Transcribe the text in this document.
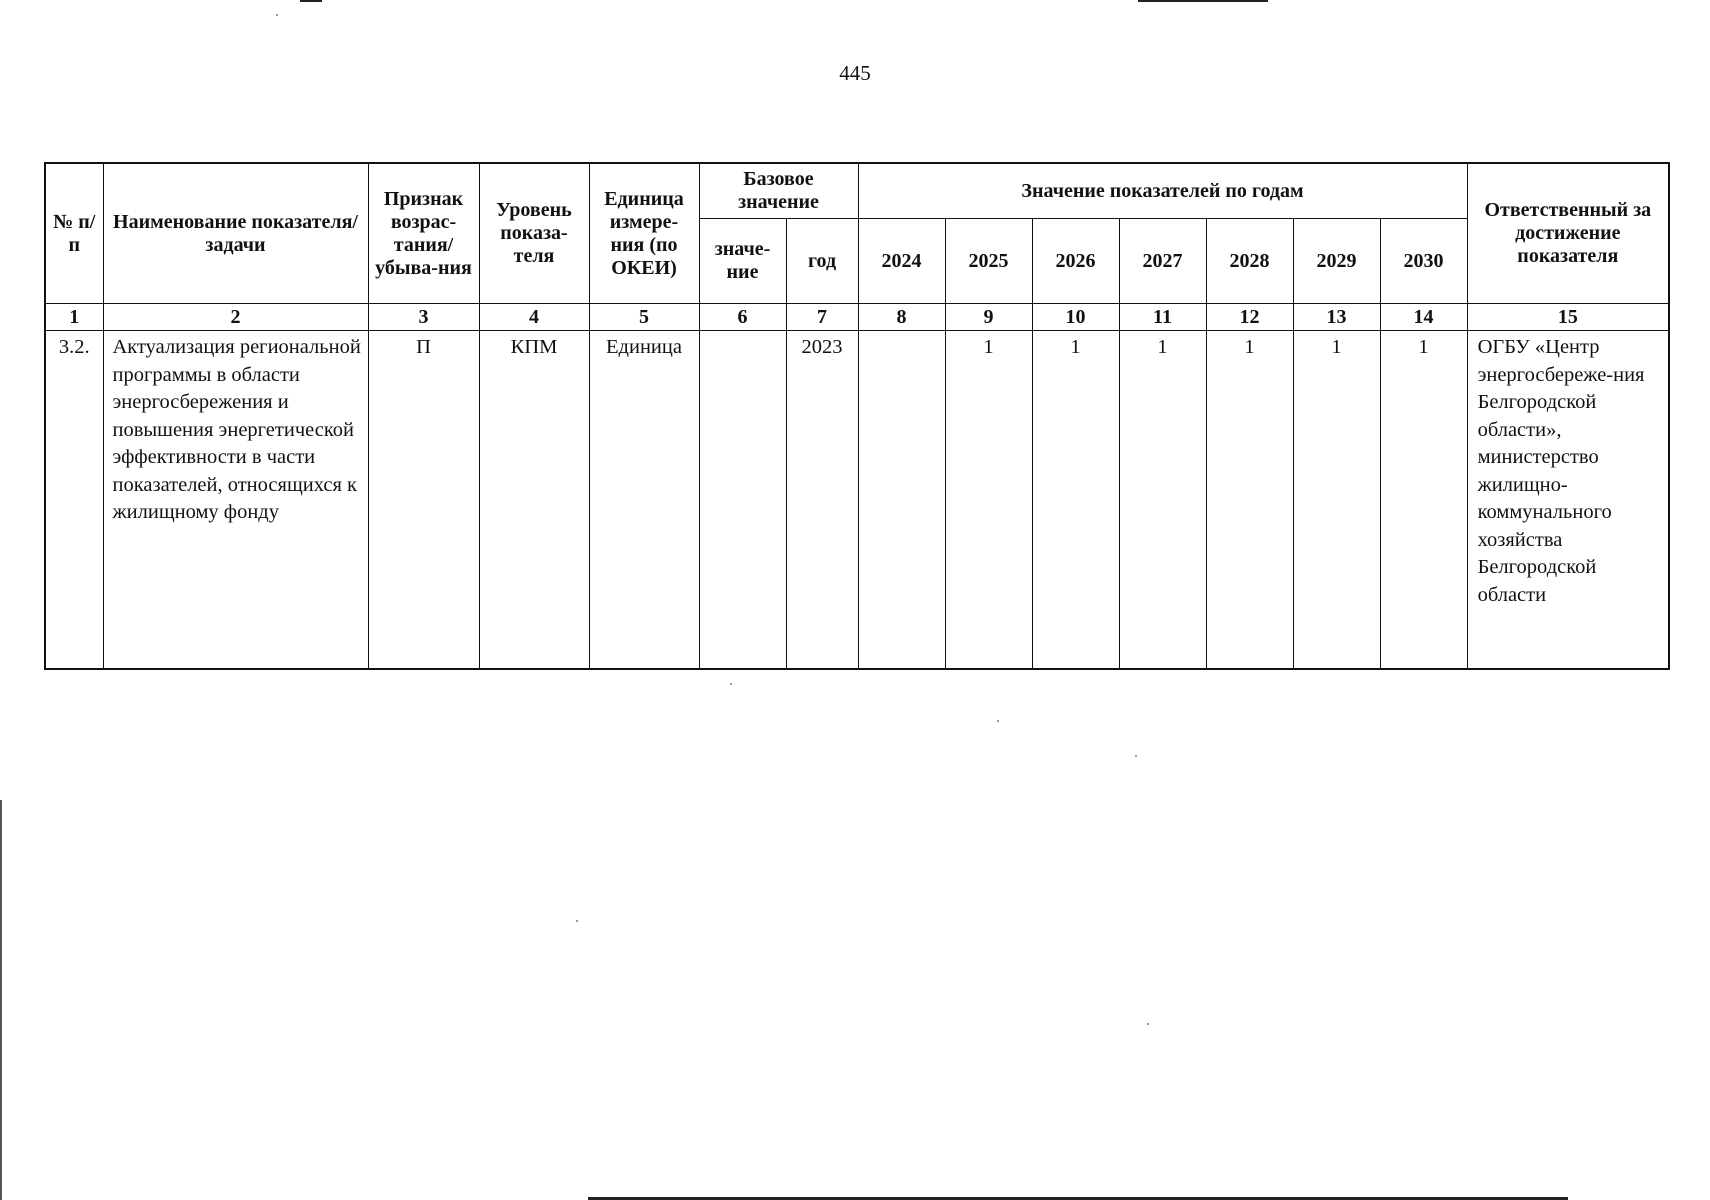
445
№ п/п	Наименование показателя/задачи	Признак возрас-тания/ убыва-ния	Уровень показа-теля	Единица измере-ния (по ОКЕИ)	Базовое значение		Значение показателей по годам							Ответственный за достижение показателя
					значе-ние	год	2024	2025	2026	2027	2028	2029	2030	
1	2	3	4	5	6	7	8	9	10	11	12	13	14	15
3.2.	Актуализация региональной программы в области энергосбережения и повышения энергетической эффективности в части показателей, относящихся к жилищному фонду	П	КПМ	Единица		2023		1	1	1	1	1	1	ОГБУ «Центр энергосбереже-ния Белгородской области», министерство жилищно-коммунального хозяйства Белгородской области
